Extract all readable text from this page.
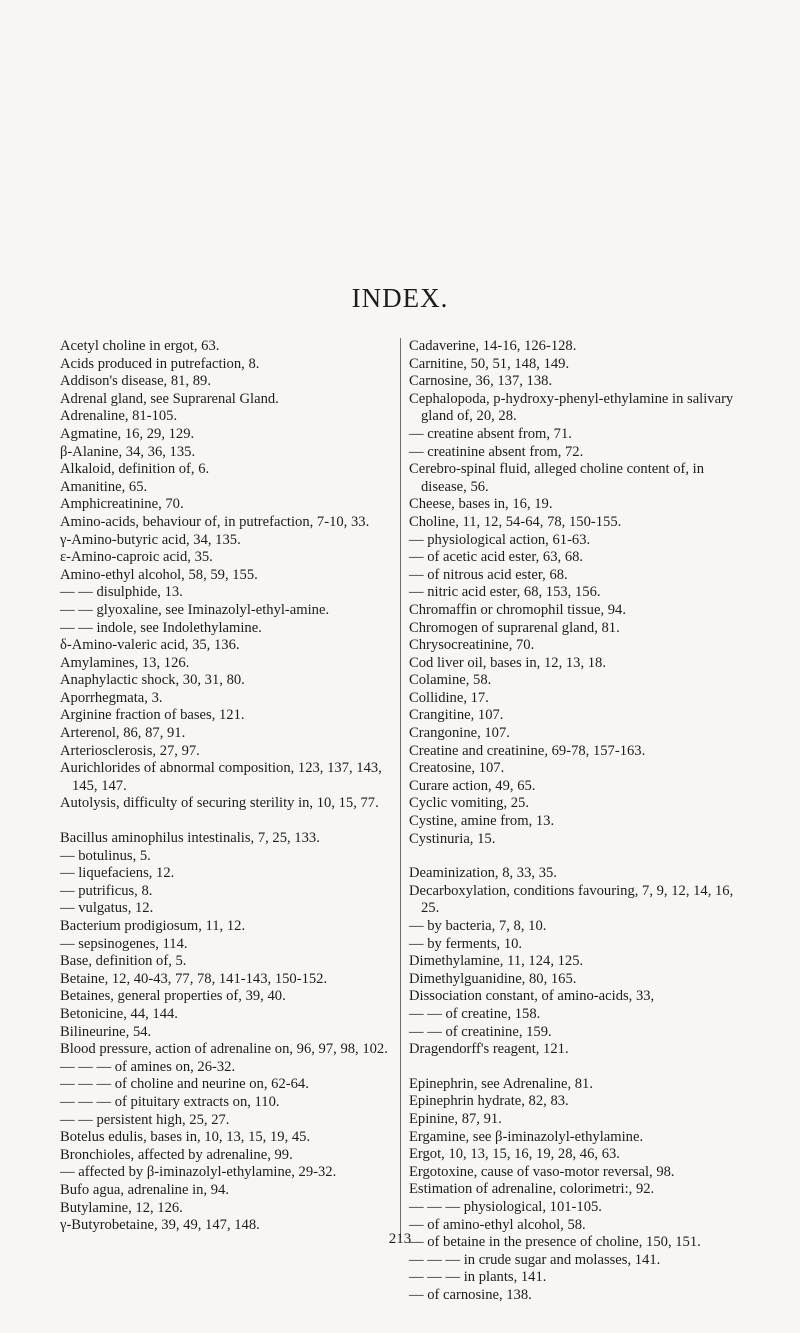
INDEX.
Acetyl choline in ergot, 63.
Acids produced in putrefaction, 8.
Addison's disease, 81, 89.
Adrenal gland, see Suprarenal Gland.
Adrenaline, 81-105.
Agmatine, 16, 29, 129.
β-Alanine, 34, 36, 135.
Alkaloid, definition of, 6.
Amanitine, 65.
Amphicreatinine, 70.
Amino-acids, behaviour of, in putrefaction, 7-10, 33.
γ-Amino-butyric acid, 34, 135.
ε-Amino-caproic acid, 35.
Amino-ethyl alcohol, 58, 59, 155.
— — disulphide, 13.
— — glyoxaline, see Iminazolyl-ethyl-amine.
— — indole, see Indolethylamine.
δ-Amino-valeric acid, 35, 136.
Amylamines, 13, 126.
Anaphylactic shock, 30, 31, 80.
Aporrhegmata, 3.
Arginine fraction of bases, 121.
Arterenol, 86, 87, 91.
Arteriosclerosis, 27, 97.
Aurichlorides of abnormal composition, 123, 137, 143, 145, 147.
Autolysis, difficulty of securing sterility in, 10, 15, 77.
Bacillus aminophilus intestinalis, 7, 25, 133.
— botulinus, 5.
— liquefaciens, 12.
— putrificus, 8.
— vulgatus, 12.
Bacterium prodigiosum, 11, 12.
— sepsinogenes, 114.
Base, definition of, 5.
Betaine, 12, 40-43, 77, 78, 141-143, 150-152.
Betaines, general properties of, 39, 40.
Betonicine, 44, 144.
Bilineurine, 54.
Blood pressure, action of adrenaline on, 96, 97, 98, 102.
— — — of amines on, 26-32.
— — — of choline and neurine on, 62-64.
— — — of pituitary extracts on, 110.
— — persistent high, 25, 27.
Botelus edulis, bases in, 10, 13, 15, 19, 45.
Bronchioles, affected by adrenaline, 99.
— affected by β-iminazolyl-ethylamine, 29-32.
Bufo agua, adrenaline in, 94.
Butylamine, 12, 126.
γ-Butyrobetaine, 39, 49, 147, 148.
Cadaverine, 14-16, 126-128.
Carnitine, 50, 51, 148, 149.
Carnosine, 36, 137, 138.
Cephalopoda, p-hydroxy-phenyl-ethylamine in salivary gland of, 20, 28.
— creatine absent from, 71.
— creatinine absent from, 72.
Cerebro-spinal fluid, alleged choline content of, in disease, 56.
Cheese, bases in, 16, 19.
Choline, 11, 12, 54-64, 78, 150-155.
— physiological action, 61-63.
— of acetic acid ester, 63, 68.
— of nitrous acid ester, 68.
— nitric acid ester, 68, 153, 156.
Chromaffin or chromophil tissue, 94.
Chromogen of suprarenal gland, 81.
Chrysocreatinine, 70.
Cod liver oil, bases in, 12, 13, 18.
Colamine, 58.
Collidine, 17.
Crangitine, 107.
Crangonine, 107.
Creatine and creatinine, 69-78, 157-163.
Creatosine, 107.
Curare action, 49, 65.
Cyclic vomiting, 25.
Cystine, amine from, 13.
Cystinuria, 15.
Deaminization, 8, 33, 35.
Decarboxylation, conditions favouring, 7, 9, 12, 14, 16, 25.
— by bacteria, 7, 8, 10.
— by ferments, 10.
Dimethylamine, 11, 124, 125.
Dimethylguanidine, 80, 165.
Dissociation constant, of amino-acids, 33,
— — of creatine, 158.
— — of creatinine, 159.
Dragendorff's reagent, 121.
Epinephrin, see Adrenaline, 81.
Epinephrin hydrate, 82, 83.
Epinine, 87, 91.
Ergamine, see β-iminazolyl-ethylamine.
Ergot, 10, 13, 15, 16, 19, 28, 46, 63.
Ergotoxine, cause of vaso-motor reversal, 98.
Estimation of adrenaline, colorimetri:, 92.
— — — physiological, 101-105.
— of amino-ethyl alcohol, 58.
— of betaine in the presence of choline, 150, 151.
— — — in crude sugar and molasses, 141.
— — — in plants, 141.
— of carnosine, 138.
213
